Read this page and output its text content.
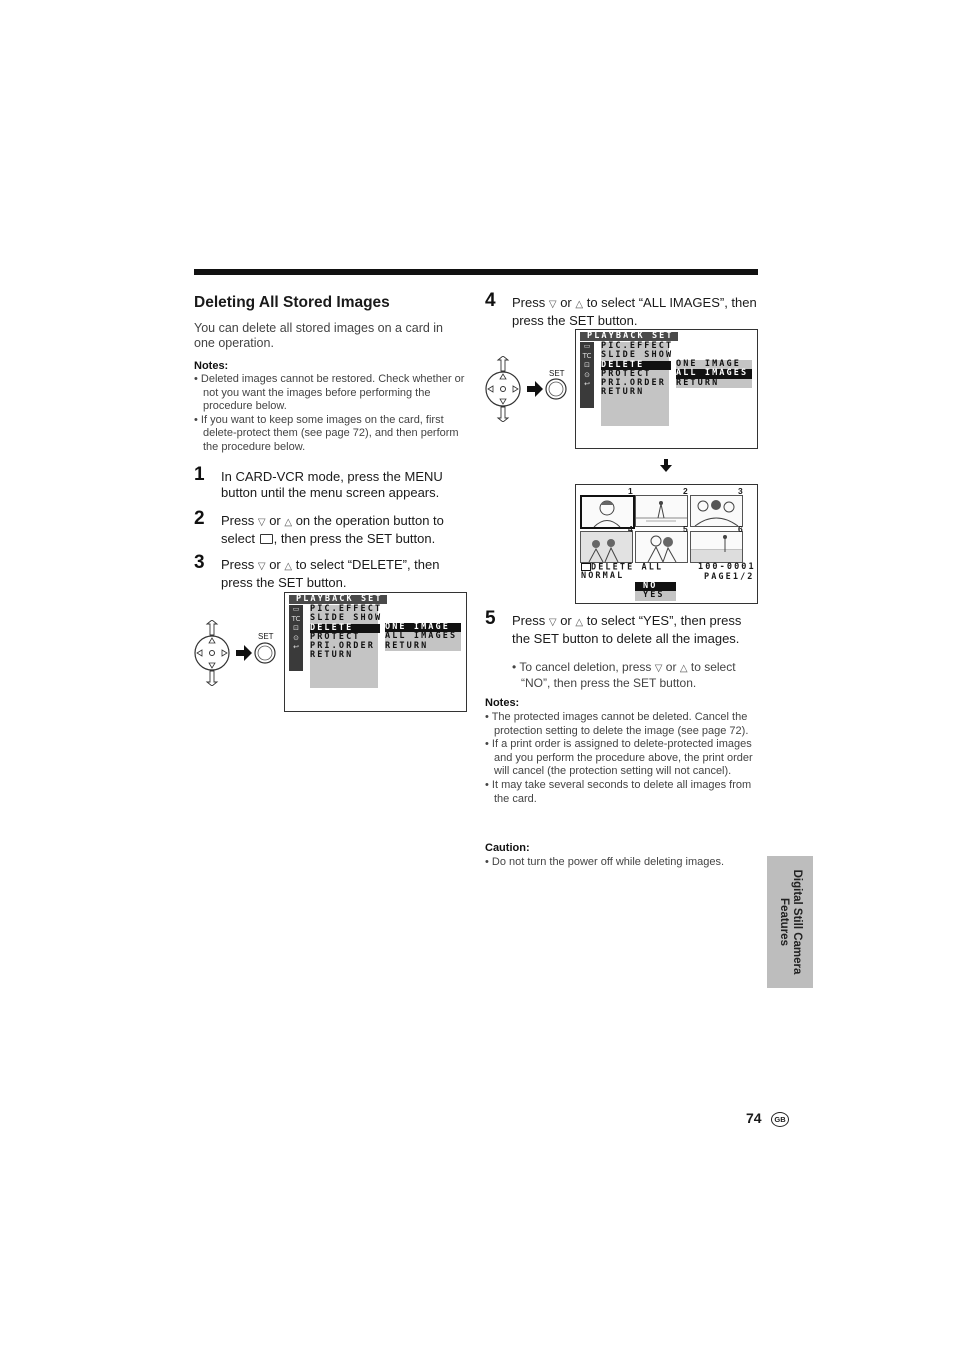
Deleting All Stored Images
You can delete all stored images on a card in one operation.
Notes:
• Deleted images cannot be restored. Check whether or not you want the images before performing the procedure below.
• If you want to keep some images on the card, first delete-protect them (see page 72), and then perform the procedure below.
1 In CARD-VCR mode, press the MENU button until the menu screen appears.
2 Press ▽ or △ on the operation button to select , then press the SET button.
3 Press ▽ or △ to select “DELETE”, then press the SET button.
SET
PLAYBACK SET
▭
TC
⊡
⊙
↩
PIC.EFFECT
SLIDE SHOW
DELETE
PROTECT
PRI.ORDER
RETURN
ONE IMAGE
ALL IMAGES
RETURN
4 Press ▽ or △ to select “ALL IMAGES”, then press the SET button.
SET
PLAYBACK SET
▭
TC
⊡
⊙
↩
PIC.EFFECT
SLIDE SHOW
DELETE
PROTECT
PRI.ORDER
RETURN
ONE IMAGE
ALL IMAGES
RETURN
1	2	3
4	5	6
DELETE ALL
NORMAL
100-0001
PAGE1/2
NO
YES
5 Press ▽ or △ to select “YES”, then press the SET button to delete all the images.
• To cancel deletion, press ▽ or △ to select “NO”, then press the SET button.
Notes:
• The protected images cannot be deleted. Cancel the protection setting to delete the image (see page 72).
• If a print order is assigned to delete-protected images and you perform the procedure above, the print order will cancel (the protection setting will not cancel).
• It may take several seconds to delete all images from the card.
Caution:
• Do not turn the power off while deleting images.
Digital Still Camera
Features
74	GB
